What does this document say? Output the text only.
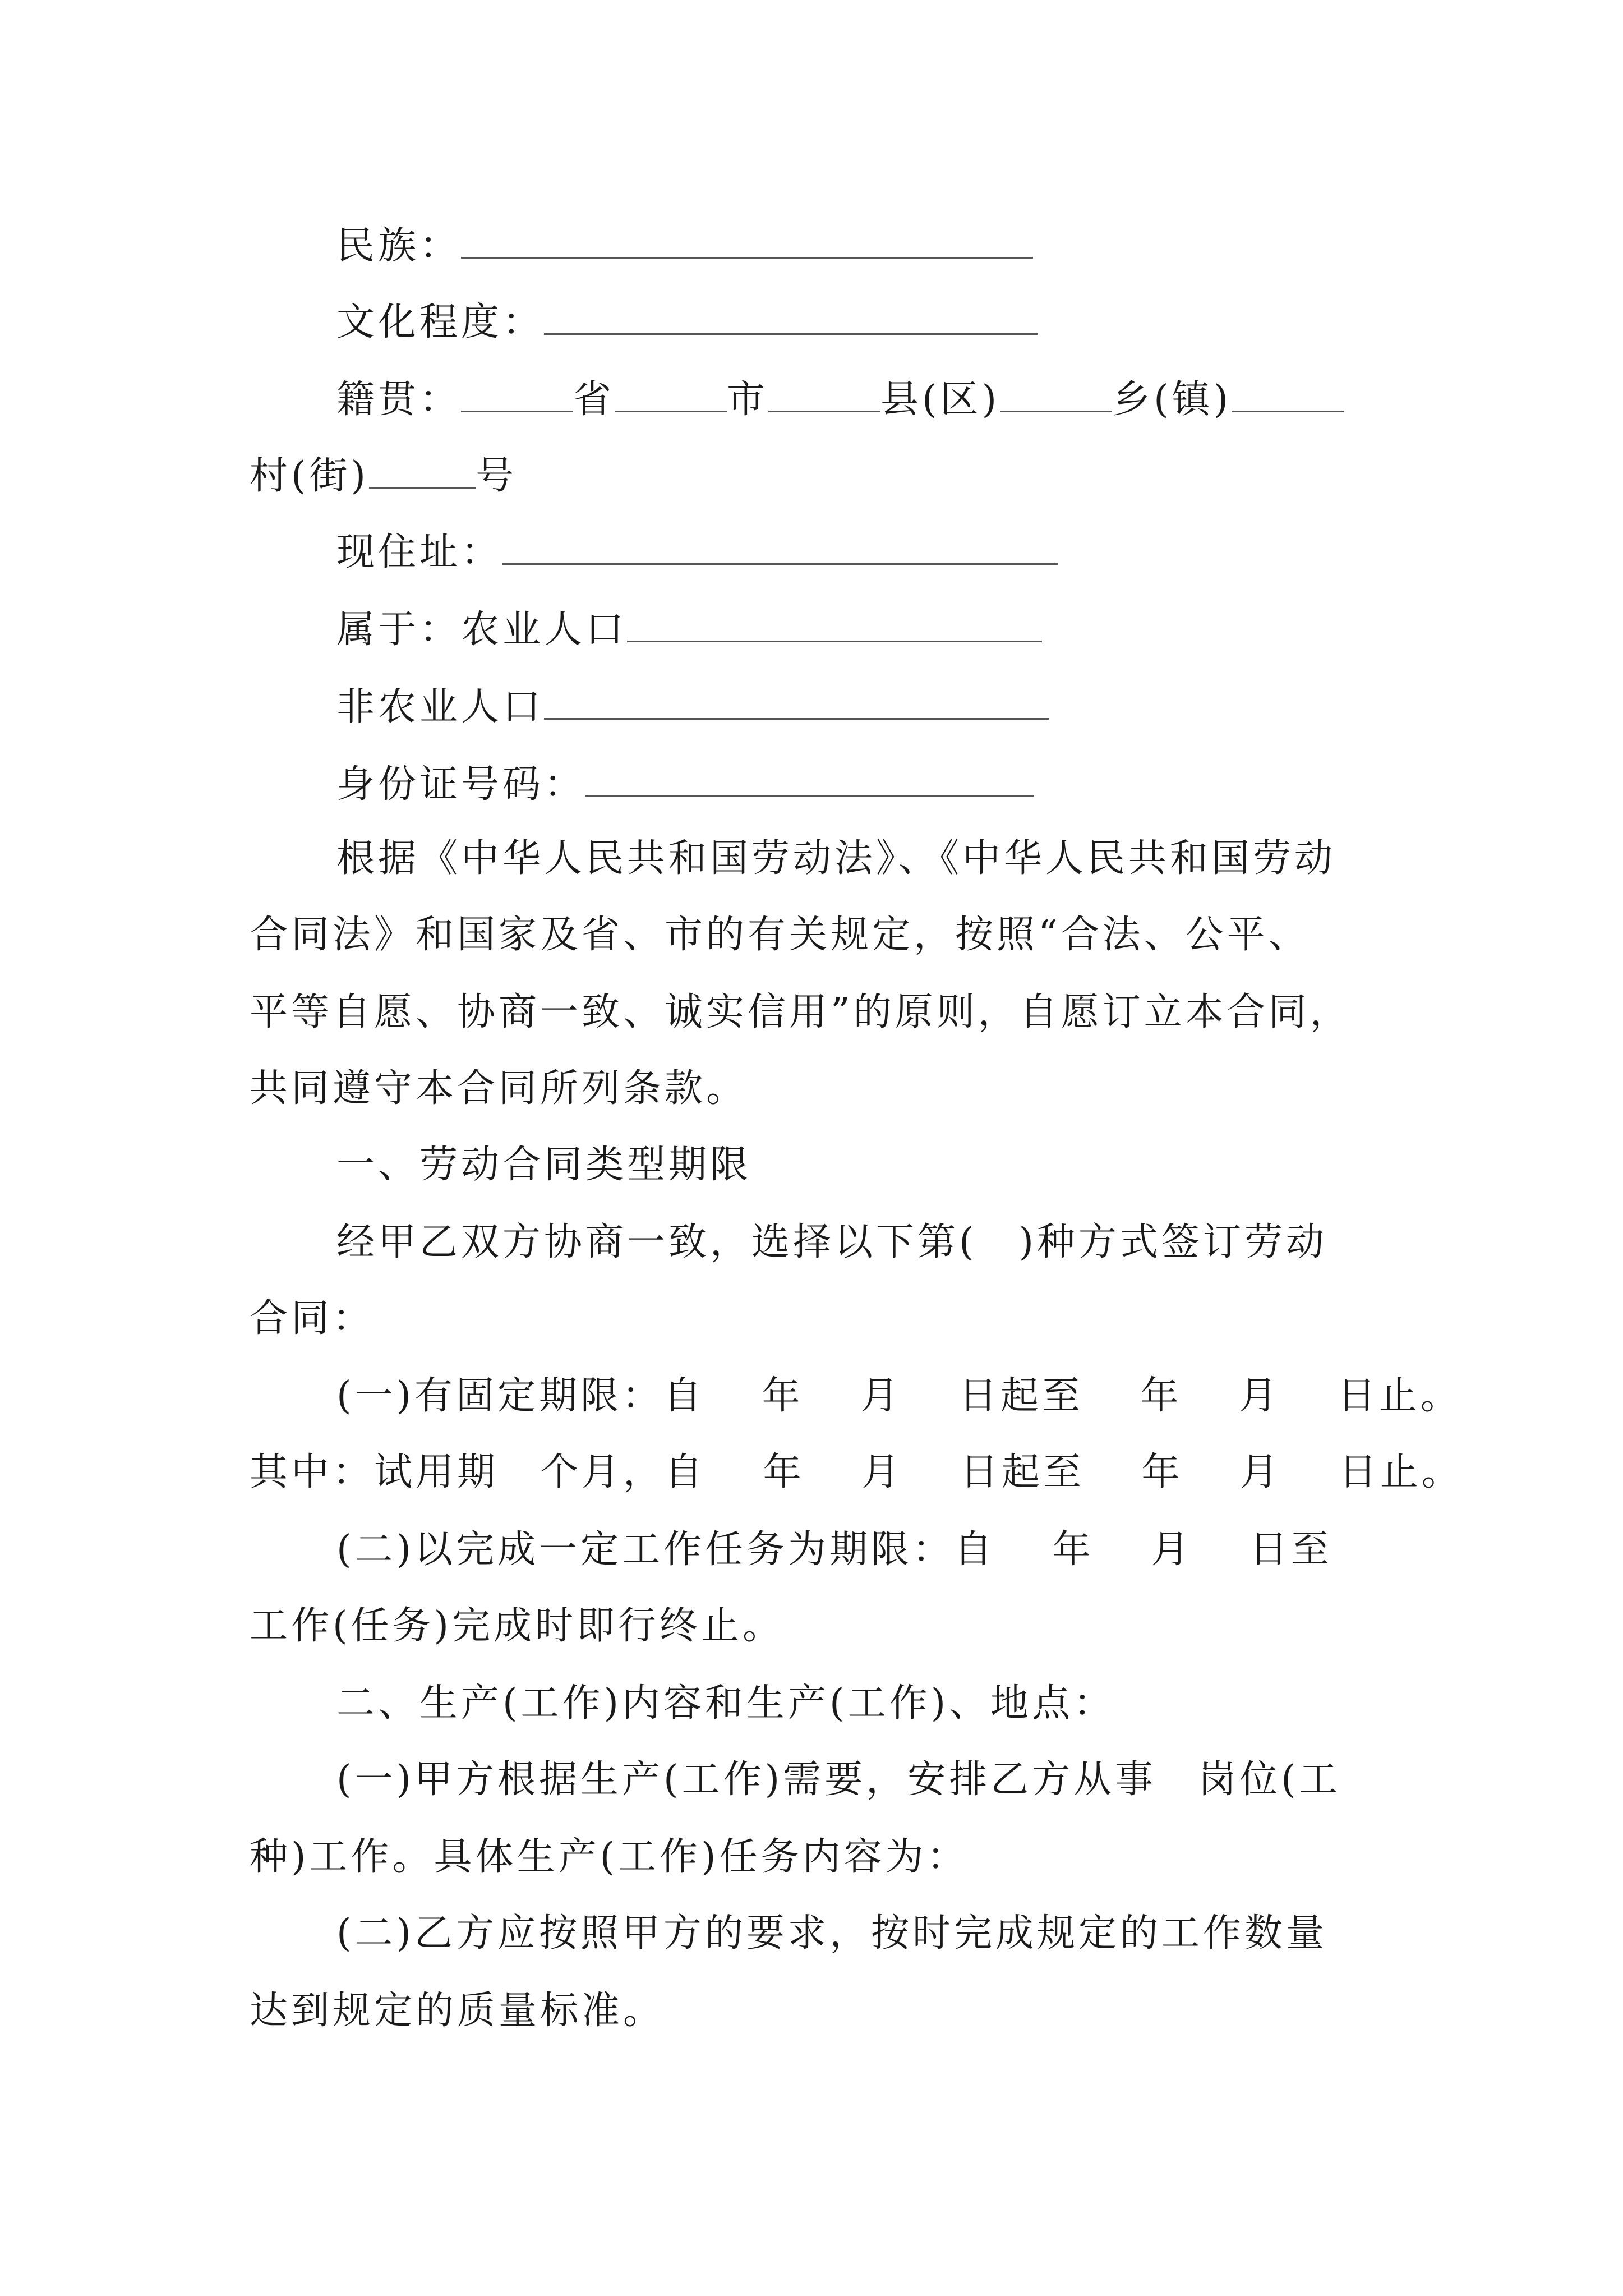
民族：
文化程度：
籍贯：	省	市	县(区)	乡(镇)
村(街)	号
现住址：
属于：农业人口
非农业人口
身份证号码：
根据《中华人民共和国劳动法》、《中华人民共和国劳动
合同法》和国家及省、市的有关规定，按照“合法、公平、
平等自愿、协商一致、诚实信用”的原则，自愿订立本合同，
共同遵守本合同所列条款。
一、劳动合同类型期限
经甲乙双方协商一致，选择以下第(　)种方式签订劳动
合同：
(一)有固定期限：自　 年　 月　 日起至　 年　 月　 日止。
其中：试用期　个月，自　 年　 月　 日起至　 年　 月　 日止。
(二)以完成一定工作任务为期限：自　 年　 月　 日至
工作(任务)完成时即行终止。
二、生产(工作)内容和生产(工作)、地点：
(一)甲方根据生产(工作)需要，安排乙方从事　岗位(工
种)工作。具体生产(工作)任务内容为：
(二)乙方应按照甲方的要求，按时完成规定的工作数量
达到规定的质量标准。
